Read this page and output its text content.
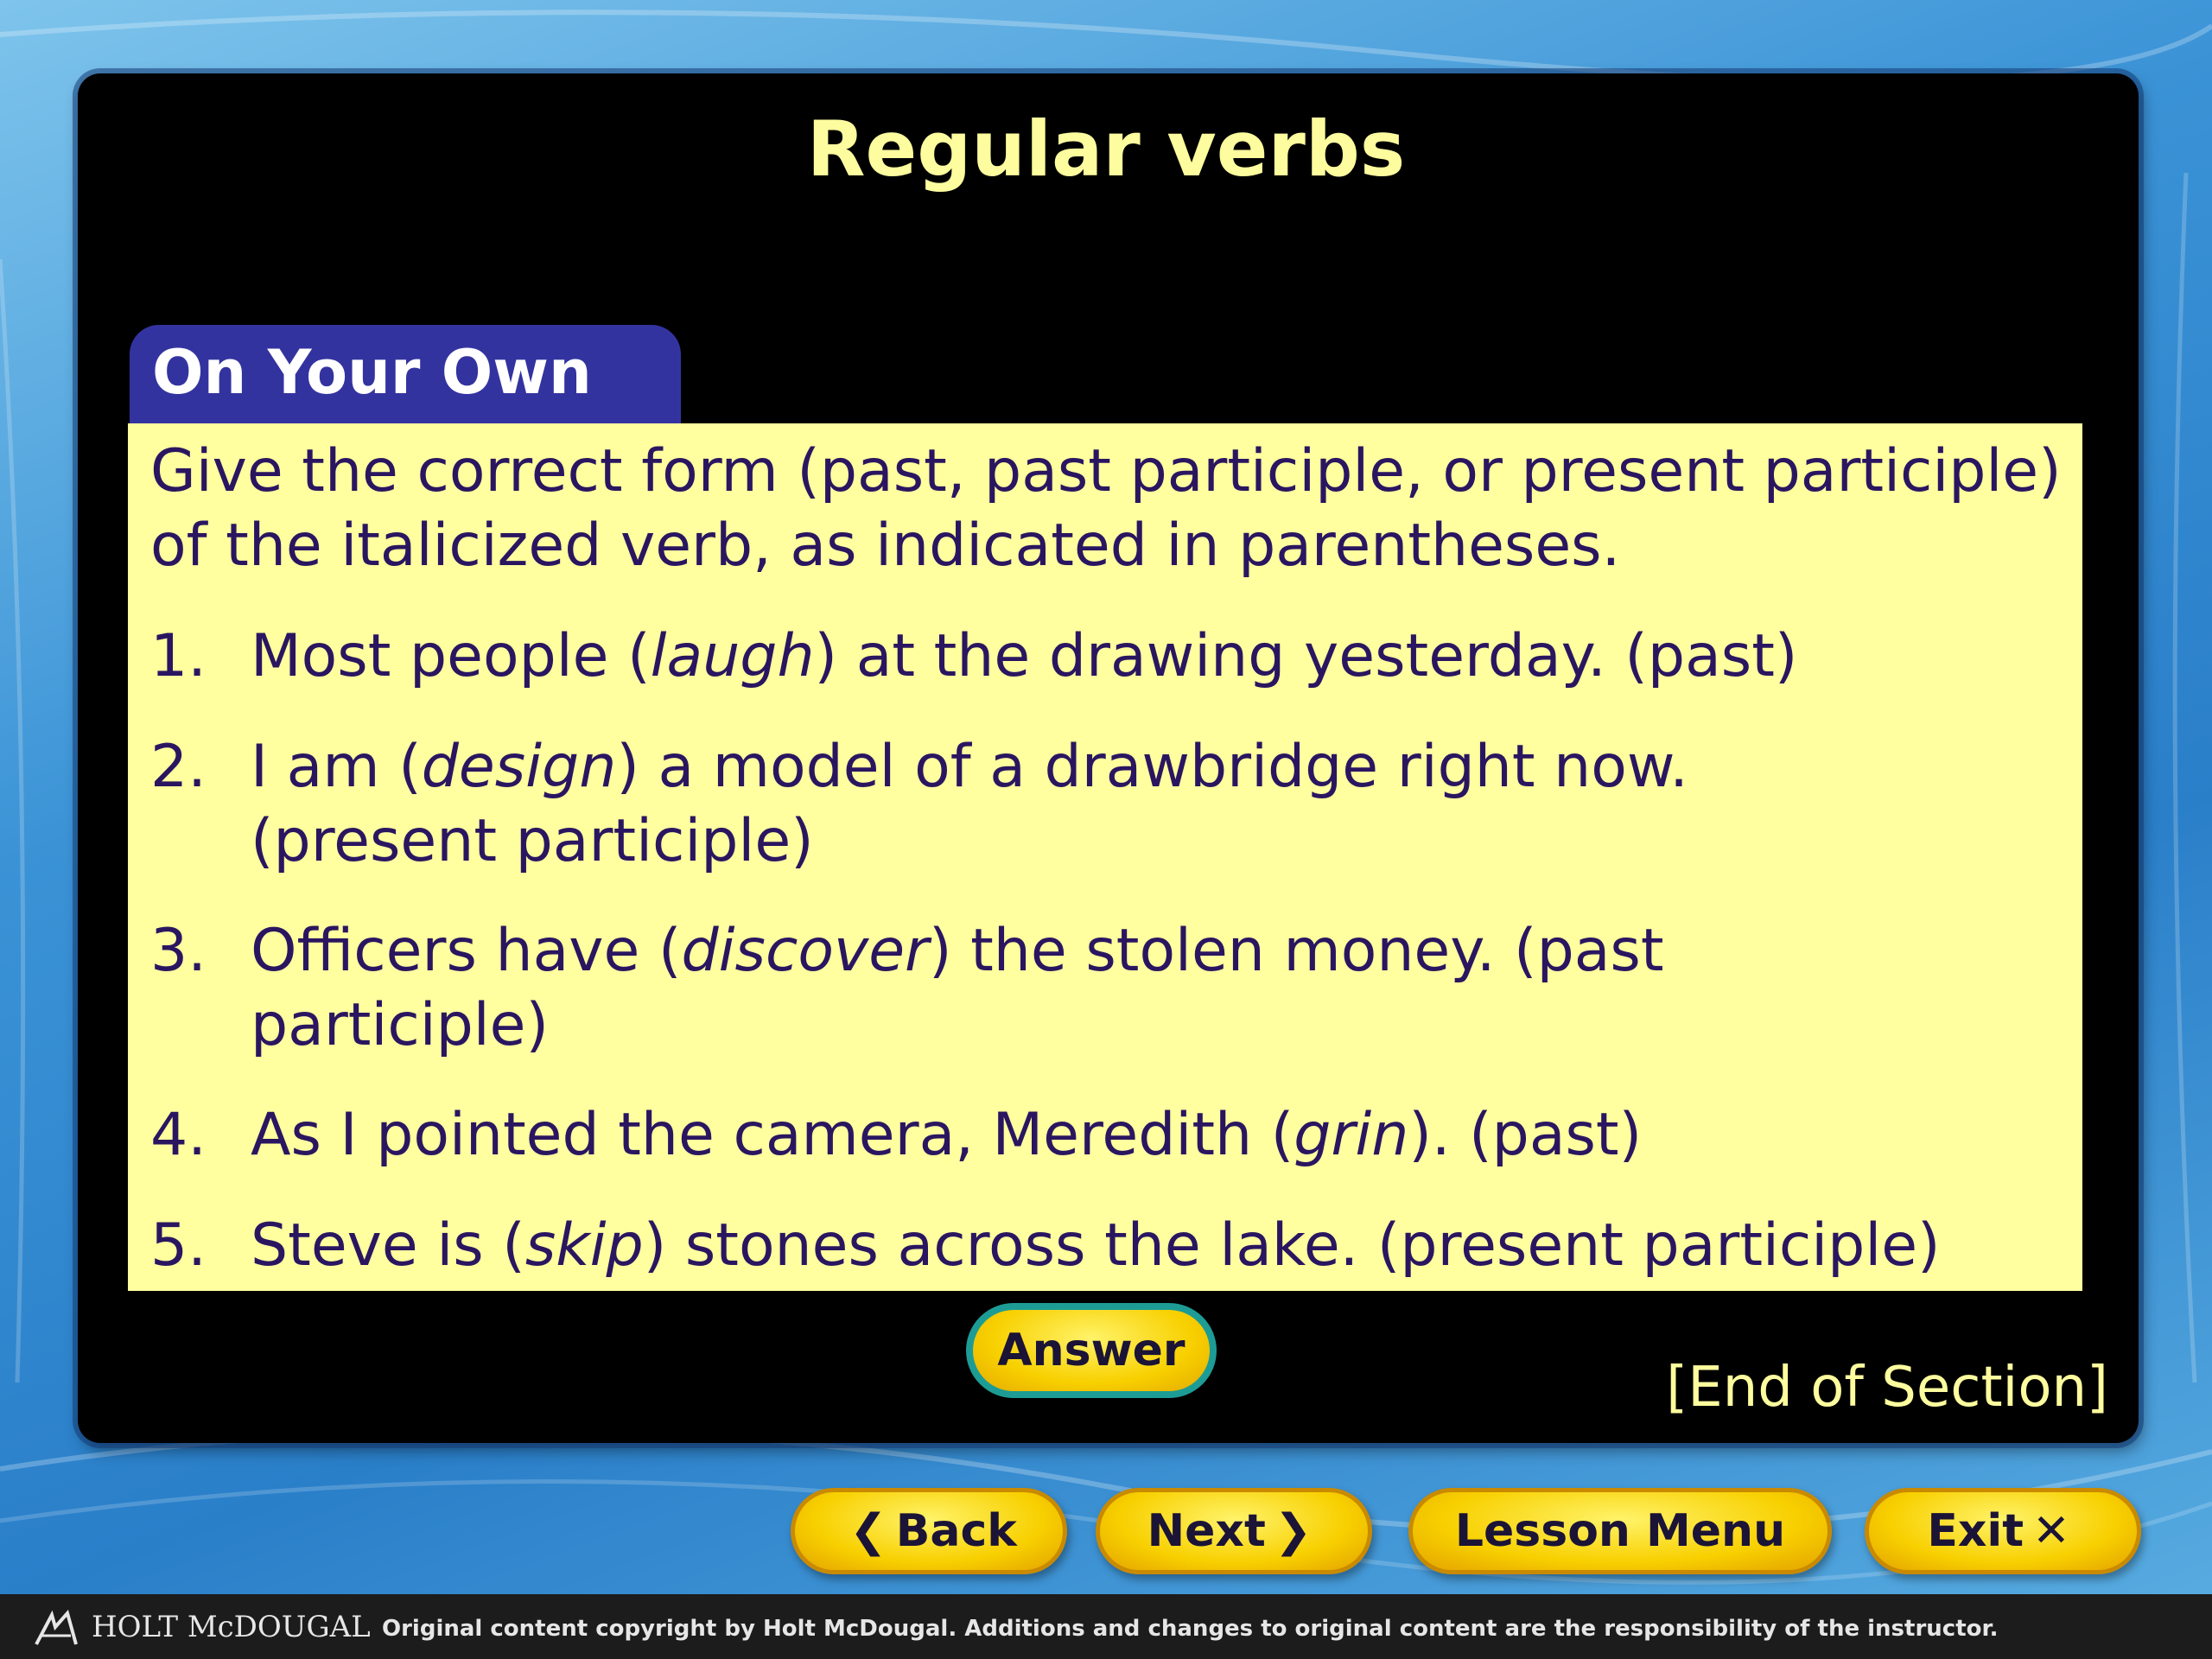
Regular verbs
On Your Own

Give the correct form (past, past participle, or present participle) of the italicized verb, as indicated in parentheses.

1. Most people (laugh) at the drawing yesterday. (past)
2. I am (design) a model of a drawbridge right now.
(present participle)
3. Officers have (discover) the stolen money. (past
participle)
4. As I pointed the camera, Meredith (grin). (past)
5. Steve is (skip) stones across the lake. (present participle)
Answer
[End of Section]
❮ Back	Next ❯	Lesson Menu	Exit ✕
HOLT McDOUGAL Original content copyright by Holt McDougal. Additions and changes to original content are the responsibility of the instructor.
